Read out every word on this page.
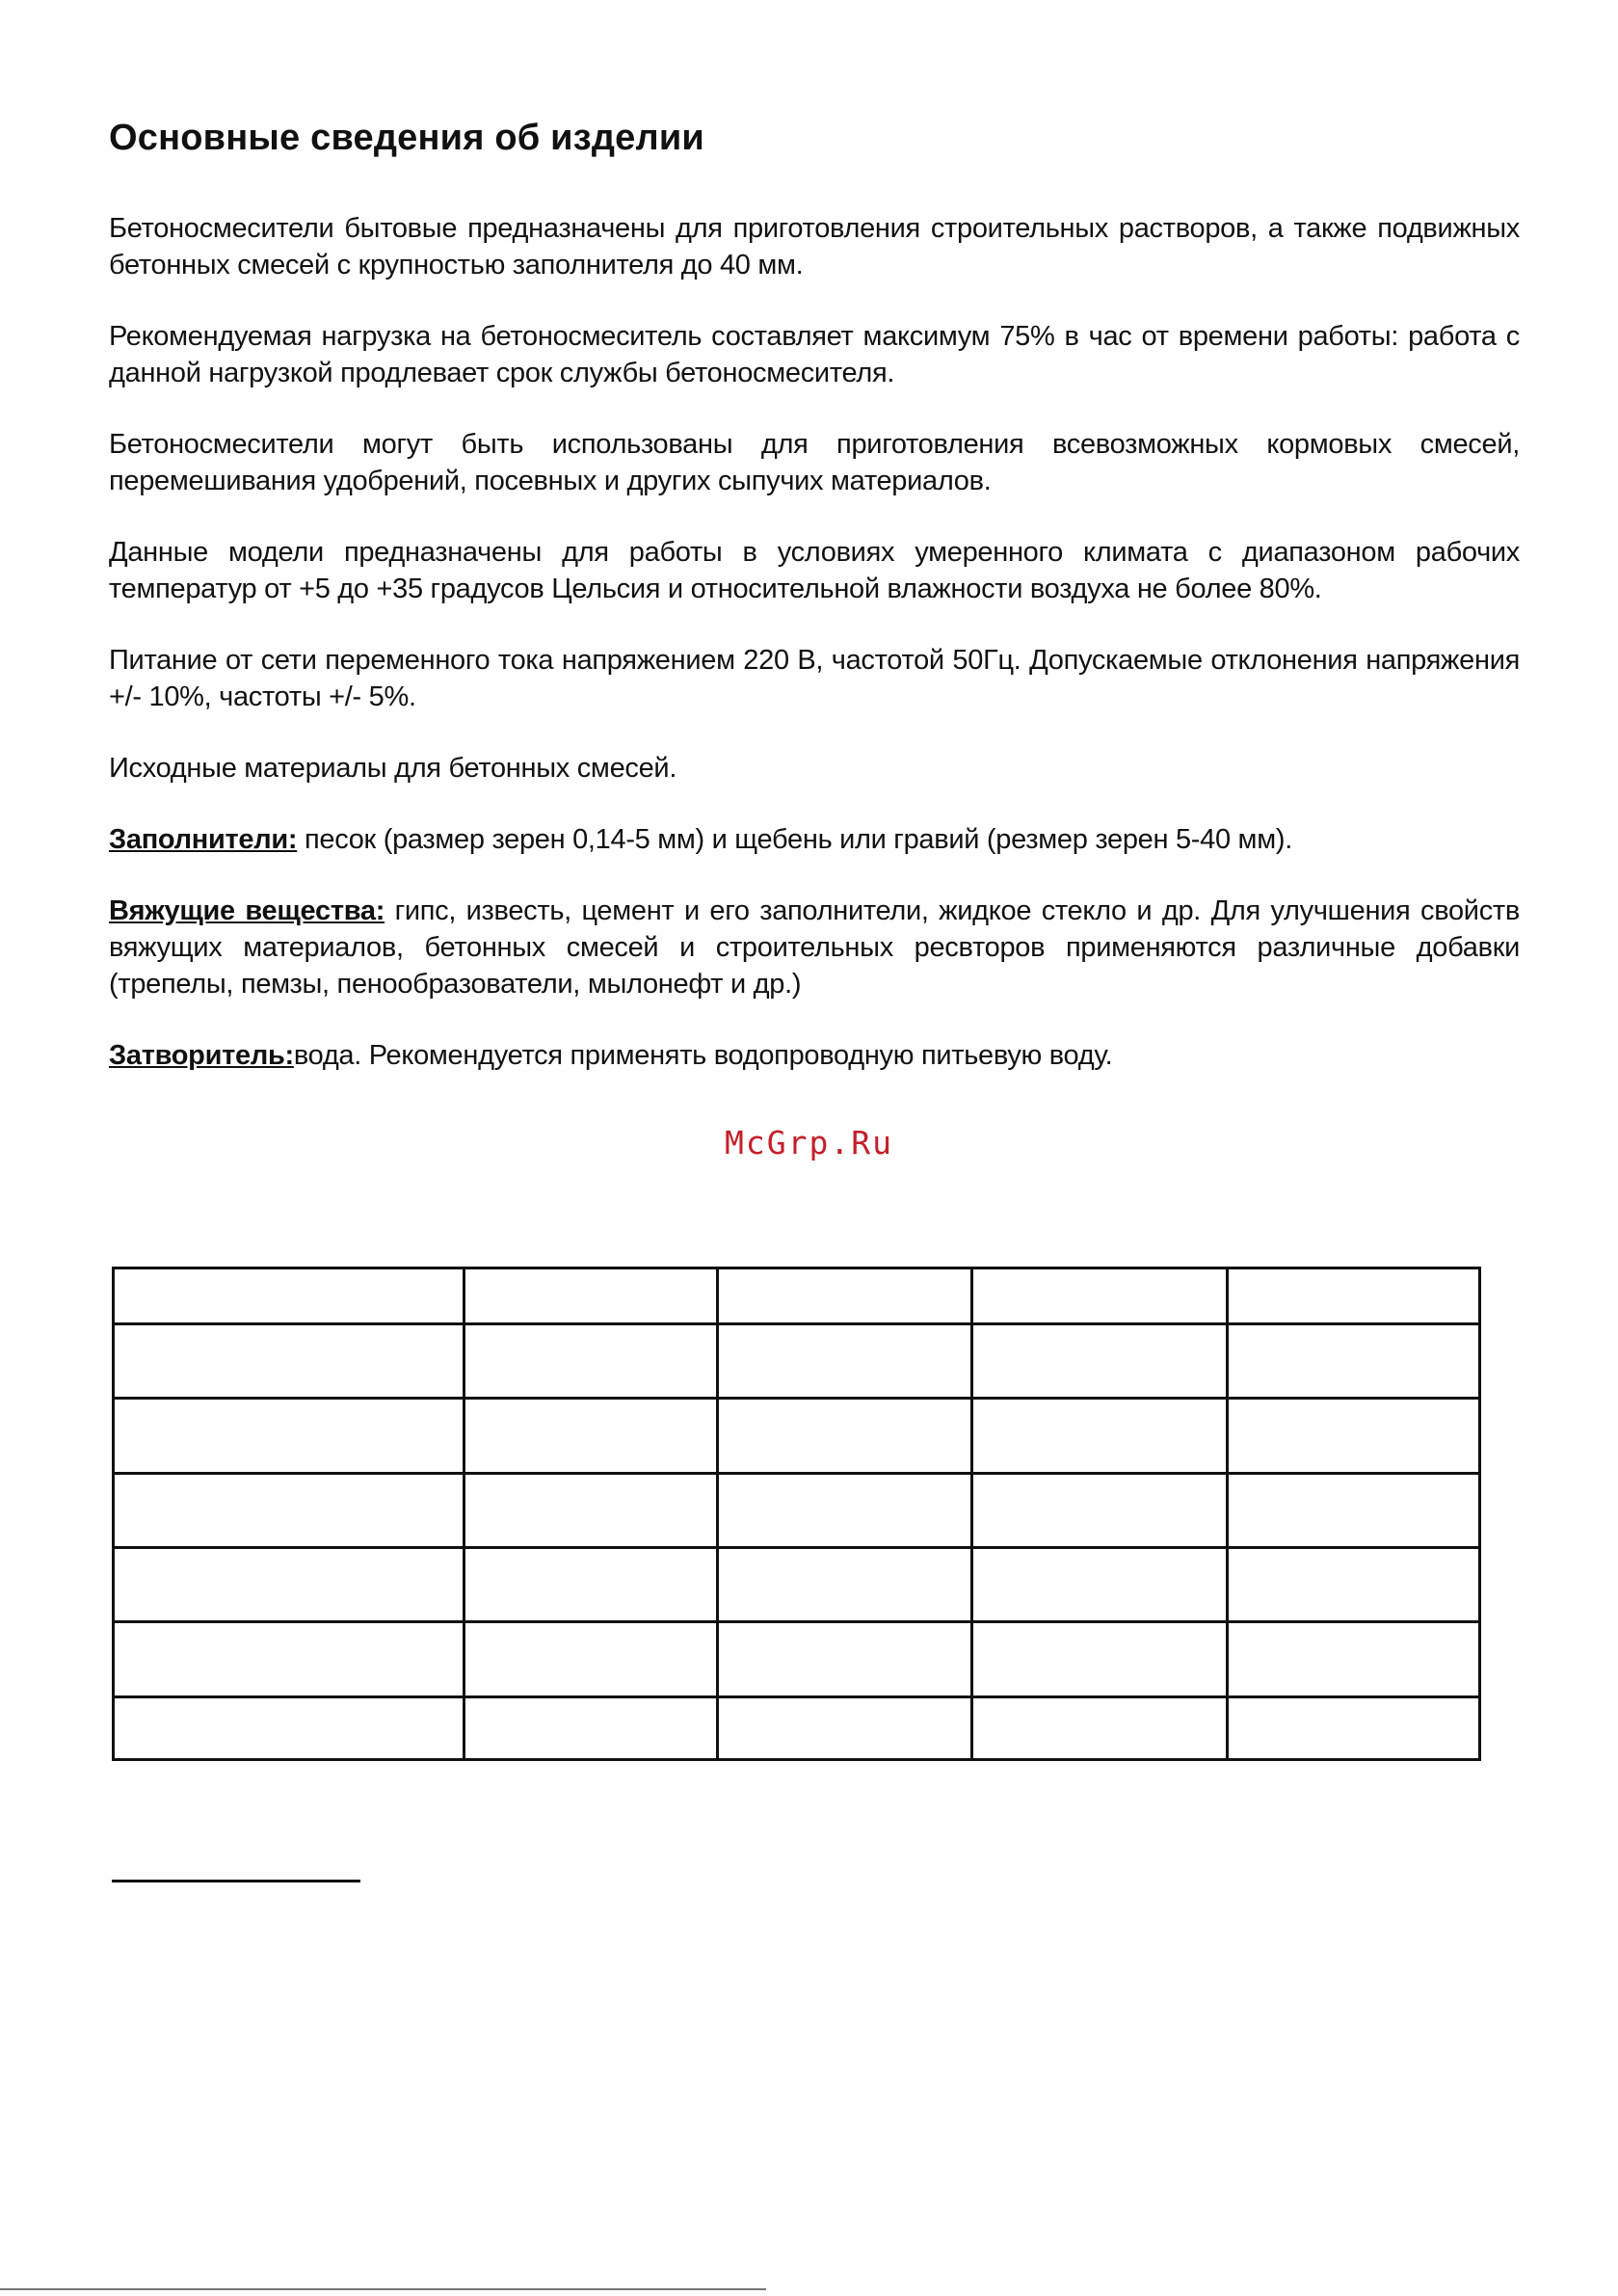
Основные сведения об изделии

Бетоносмесители бытовые предназначены для приготовления строительных растворов, а также подвижных бетонных смесей с крупностью заполнителя до 40 мм.

Рекомендуемая нагрузка на бетоносмеситель составляет максимум 75% в час от времени работы: работа с данной нагрузкой продлевает срок службы бетоносмесителя.

Бетоносмесители могут быть использованы для приготовления всевозможных кормовых смесей, перемешивания удобрений, посевных и других сыпучих материалов.

Данные модели предназначены для работы в условиях умеренного климата с диапазоном рабочих температур от +5 до +35 градусов Цельсия и относительной влажности воздуха не более 80%.

Питание от сети переменного тока напряжением 220 В, частотой 50Гц. Допускаемые отклонения напряжения +/- 10%, частоты +/- 5%.

Исходные материалы для бетонных смесей.

Заполнители: песок (размер зерен 0,14-5 мм) и щебень или гравий (резмер зерен 5-40 мм).

Вяжущие вещества: гипс, известь, цемент и его заполнители, жидкое стекло и др. Для улучшения свойств вяжущих материалов, бетонных смесей и строительных ресвторов применяются различные добавки (трепелы, пемзы, пенообразователи, мылонефт и др.)

Затворитель:вода. Рекомендуется применять водопроводную питьевую воду.

McGrp.Ru
